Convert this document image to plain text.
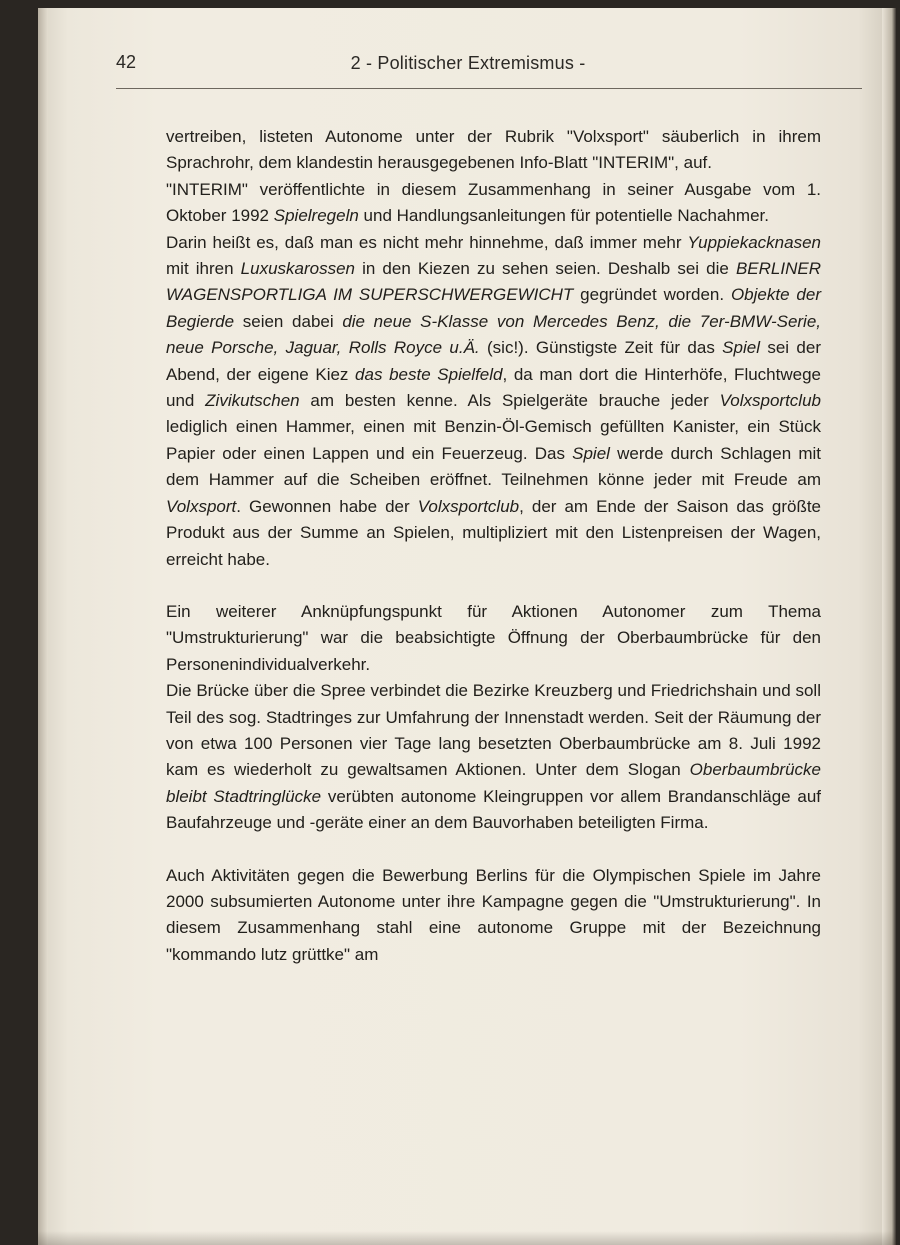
42	2 - Politischer Extremismus -

vertreiben, listeten Autonome unter der Rubrik "Volxsport" säuberlich in ihrem Sprachrohr, dem klandestin herausgegebenen Info-Blatt "INTERIM", auf.

"INTERIM" veröffentlichte in diesem Zusammenhang in seiner Ausgabe vom 1. Oktober 1992 Spielregeln und Handlungsanleitungen für potentielle Nachahmer.

Darin heißt es, daß man es nicht mehr hinnehme, daß immer mehr Yuppiekacknasen mit ihren Luxuskarossen in den Kiezen zu sehen seien. Deshalb sei die BERLINER WAGENSPORTLIGA IM SUPERSCHWERGEWICHT gegründet worden. Objekte der Begierde seien dabei die neue S-Klasse von Mercedes Benz, die 7er-BMW-Serie, neue Porsche, Jaguar, Rolls Royce u.Ä. (sic!). Günstigste Zeit für das Spiel sei der Abend, der eigene Kiez das beste Spielfeld, da man dort die Hinterhöfe, Fluchtwege und Zivikutschen am besten kenne. Als Spielgeräte brauche jeder Volxsportclub lediglich einen Hammer, einen mit Benzin-Öl-Gemisch gefüllten Kanister, ein Stück Papier oder einen Lappen und ein Feuerzeug. Das Spiel werde durch Schlagen mit dem Hammer auf die Scheiben eröffnet. Teilnehmen könne jeder mit Freude am Volxsport. Gewonnen habe der Volxsportclub, der am Ende der Saison das größte Produkt aus der Summe an Spielen, multipliziert mit den Listenpreisen der Wagen, erreicht habe.

Ein weiterer Anknüpfungspunkt für Aktionen Autonomer zum Thema "Umstrukturierung" war die beabsichtigte Öffnung der Oberbaumbrücke für den Personenindividualverkehr.

Die Brücke über die Spree verbindet die Bezirke Kreuzberg und Friedrichshain und soll Teil des sog. Stadtringes zur Umfahrung der Innenstadt werden. Seit der Räumung der von etwa 100 Personen vier Tage lang besetzten Oberbaumbrücke am 8. Juli 1992 kam es wiederholt zu gewaltsamen Aktionen. Unter dem Slogan Oberbaumbrücke bleibt Stadtringlücke verübten autonome Kleingruppen vor allem Brandanschläge auf Baufahrzeuge und -geräte einer an dem Bauvorhaben beteiligten Firma.

Auch Aktivitäten gegen die Bewerbung Berlins für die Olympischen Spiele im Jahre 2000 subsumierten Autonome unter ihre Kampagne gegen die "Umstrukturierung". In diesem Zusammenhang stahl eine autonome Gruppe mit der Bezeichnung "kommando lutz grüttke" am
